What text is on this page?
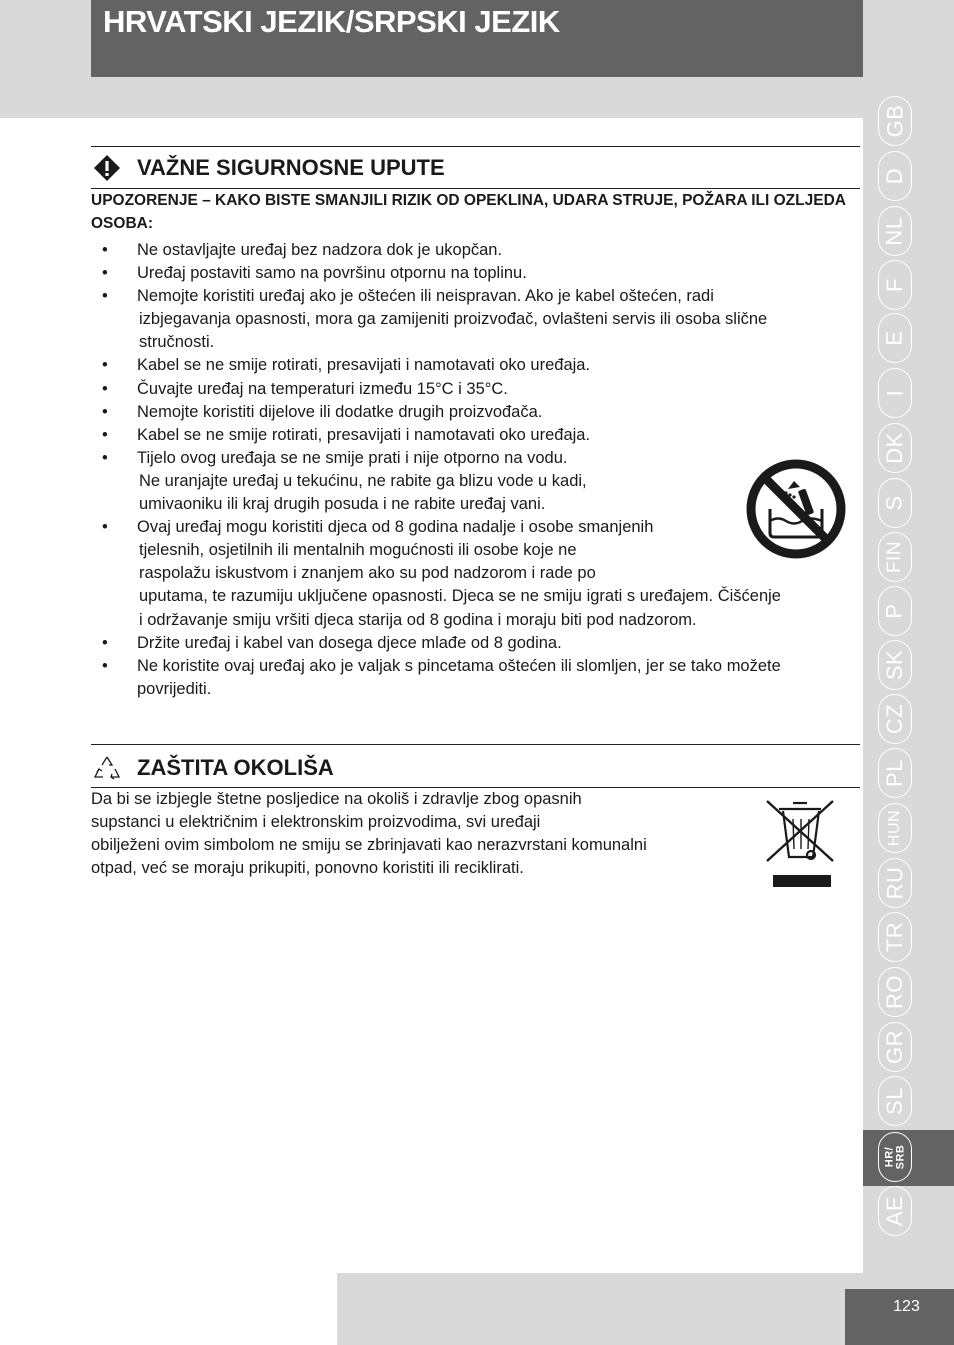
HRVATSKI JEZIK/SRPSKI JEZIK
GB
D
NL
F
E
I
DK
S
FIN
P
SK
CZ
PL
HUN
RU
TR
RO
GR
SL
HR/
SRB
AE
VAŽNE SIGURNOSNE UPUTE
UPOZORENJE – KAKO BISTE SMANJILI RIZIK OD OPEKLINA, UDARA STRUJE, POŽARA ILI OZLJEDA OSOBA:
• Ne ostavljajte uređaj bez nadzora dok je ukopčan.
• Uređaj postaviti samo na površinu otpornu na toplinu.
• Nemojte koristiti uređaj ako je oštećen ili neispravan. Ako je kabel oštećen, radi
izbjegavanja opasnosti, mora ga zamijeniti proizvođač, ovlašteni servis ili osoba slične
stručnosti.
• Kabel se ne smije rotirati, presavijati i namotavati oko uređaja.
• Čuvajte uređaj na temperaturi između 15°C i 35°C.
• Nemojte koristiti dijelove ili dodatke drugih proizvođača.
• Kabel se ne smije rotirati, presavijati i namotavati oko uređaja.
• Tijelo ovog uređaja se ne smije prati i nije otporno na vodu.
Ne uranjajte uređaj u tekućinu, ne rabite ga blizu vode u kadi,
umivaoniku ili kraj drugih posuda i ne rabite uređaj vani.
• Ovaj uređaj mogu koristiti djeca od 8 godina nadalje i osobe smanjenih
tjelesnih, osjetilnih ili mentalnih mogućnosti ili osobe koje ne
raspolažu iskustvom i znanjem ako su pod nadzorom i rade po
uputama, te razumiju uključene opasnosti. Djeca se ne smiju igrati s uređajem. Čišćenje
i održavanje smiju vršiti djeca starija od 8 godina i moraju biti pod nadzorom.
• Držite uređaj i kabel van dosega djece mlađe od 8 godina.
• Ne koristite ovaj uređaj ako je valjak s pincetama oštećen ili slomljen, jer se tako možete
povrijediti.
ZAŠTITA OKOLIŠA
Da bi se izbjegle štetne posljedice na okoliš i zdravlje zbog opasnih
supstanci u električnim i elektronskim proizvodima, svi uređaji
obilježeni ovim simbolom ne smiju se zbrinjavati kao nerazvrstani komunalni
otpad, već se moraju prikupiti, ponovno koristiti ili reciklirati.
123
